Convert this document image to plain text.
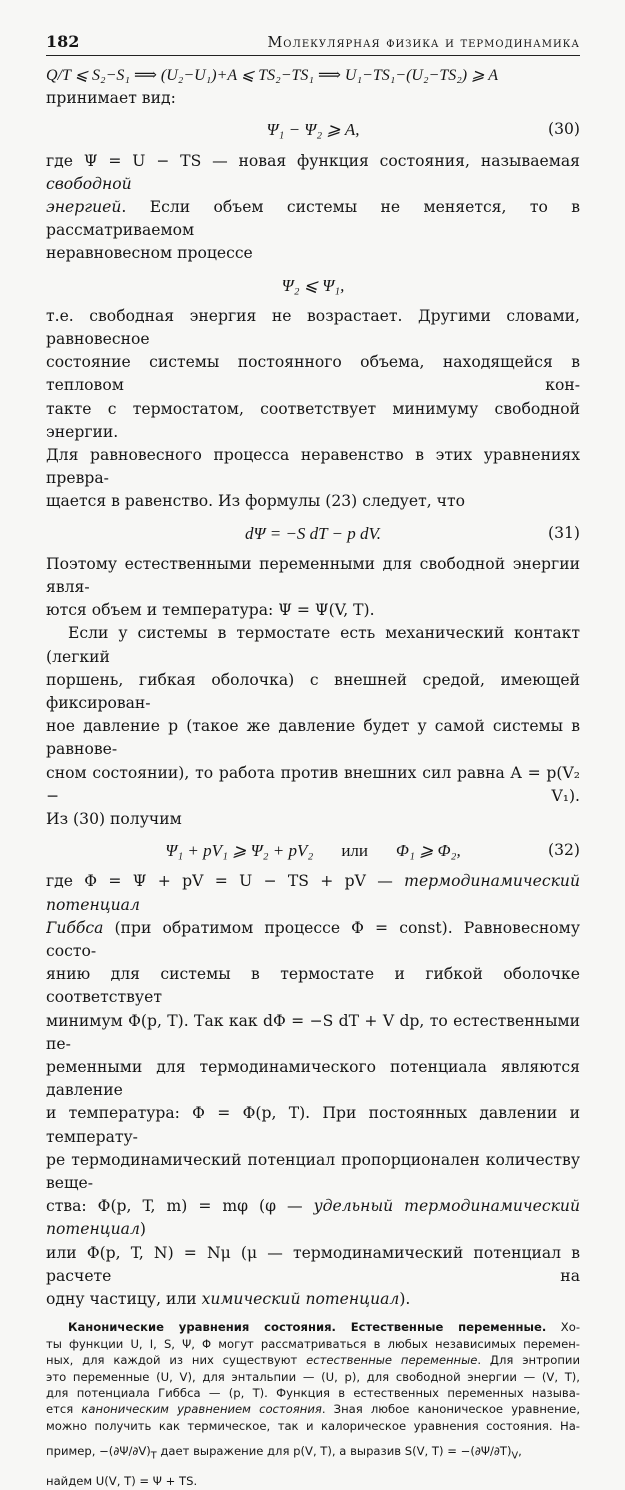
182	Молекулярная физика и термодинамика
Q/T ⩽ S₂−S₁ ⟹ (U₂−U₁)+A ⩽ TS₂−TS₁ ⟹ U₁−TS₁−(U₂−TS₂) ⩾ A
принимает вид:
Ψ₁ − Ψ₂ ⩾ A,	(30)
где Ψ = U − TS — новая функция состояния, называемая свободной
энергией. Если объем системы не меняется, то в рассматриваемом
неравновесном процессе
Ψ₂ ⩽ Ψ₁,
т.е. свободная энергия не возрастает. Другими словами, равновесное
состояние системы постоянного объема, находящейся в тепловом кон-
такте с термостатом, соответствует минимуму свободной энергии.
Для равновесного процесса неравенство в этих уравнениях превра-
щается в равенство. Из формулы (23) следует, что
dΨ = −S dT − p dV.	(31)
Поэтому естественными переменными для свободной энергии явля-
ются объем и температура: Ψ = Ψ(V, T).
Если у системы в термостате есть механический контакт (легкий
поршень, гибкая оболочка) с внешней средой, имеющей фиксирован-
ное давление p (такое же давление будет у самой системы в равнове-
сном состоянии), то работа против внешних сил равна A = p(V₂ − V₁).
Из (30) получим
Ψ₁ + pV₁ ⩾ Ψ₂ + pV₂ или Φ₁ ⩾ Φ₂,	(32)
где Φ = Ψ + pV = U − TS + pV — термодинамический потенциал
Гиббса (при обратимом процессе Φ = const). Равновесному состо-
янию для системы в термостате и гибкой оболочке соответствует
минимум Φ(p, T). Так как dΦ = −S dT + V dp, то естественными пе-
ременными для термодинамического потенциала являются давление
и температура: Φ = Φ(p, T). При постоянных давлении и температу-
ре термодинамический потенциал пропорционален количеству веще-
ства: Φ(p, T, m) = mφ (φ — удельный термодинамический потенциал)
или Φ(p, T, N) = Nμ (μ — термодинамический потенциал в расчете на
одну частицу, или химический потенциал).
Канонические уравнения состояния. Естественные переменные. Хо-
ты функции U, I, S, Ψ, Φ могут рассматриваться в любых независимых перемен-
ных, для каждой из них существуют естественные переменные. Для энтропии
это переменные (U, V), для энтальпии — (U, p), для свободной энергии — (V, T),
для потенциала Гиббса — (p, T). Функция в естественных переменных называ-
ется каноническим уравнением состояния. Зная любое каноническое уравнение,
можно получить как термическое, так и калорическое уравнения состояния. На-
пример, $-(\partial\Psi/\partial V)_T$ дает выражение для p(V, T), а выразив S(V, $T) = -(\partial\Psi/\partial T)_V$,
найдем U(V, T) = Ψ + TS.
